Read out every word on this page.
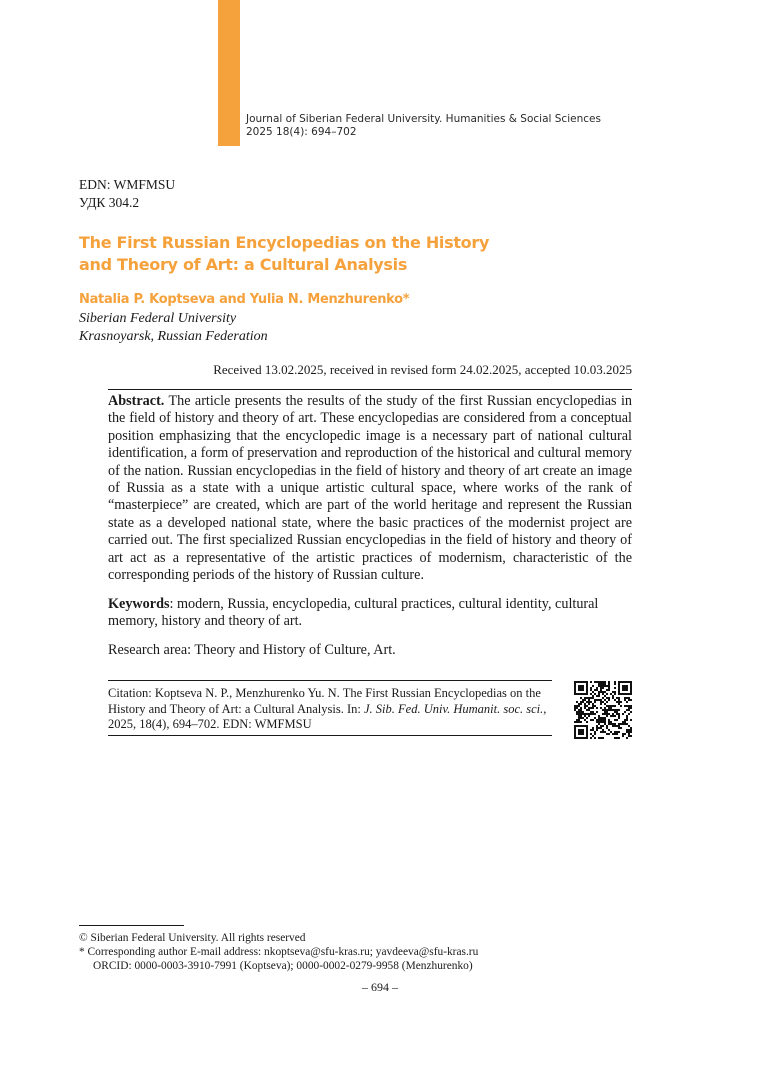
Journal of Siberian Federal University. Humanities & Social Sciences
2025 18(4): 694–702
EDN: WMFMSU
УДК 304.2
The First Russian Encyclopedias on the History
and Theory of Art: a Cultural Analysis
Natalia P. Koptseva and Yulia N. Menzhurenko*
Siberian Federal University
Krasnoyarsk, Russian Federation
Received 13.02.2025, received in revised form 24.02.2025, accepted 10.03.2025

Abstract. The article presents the results of the study of the first Russian encyclopedias in the field of history and theory of art. These encyclopedias are considered from a conceptual position emphasizing that the encyclopedic image is a necessary part of national cultural identification, a form of preservation and reproduction of the historical and cultural memory of the nation. Russian encyclopedias in the field of history and theory of art create an image of Russia as a state with a unique artistic cultural space, where works of the rank of “masterpiece” are created, which are part of the world heritage and represent the Russian state as a developed national state, where the basic practices of the modernist project are carried out. The first specialized Russian encyclopedias in the field of history and theory of art act as a representative of the artistic practices of modernism, characteristic of the corresponding periods of the history of Russian culture.

Keywords: modern, Russia, encyclopedia, cultural practices, cultural identity, cultural memory, history and theory of art.

Research area: Theory and History of Culture, Art.
Citation: Koptseva N. P., Menzhurenko Yu. N. The First Russian Encyclopedias on the History and Theory of Art: a Cultural Analysis. In: J. Sib. Fed. Univ. Humanit. soc. sci., 2025, 18(4), 694–702. EDN: WMFMSU
© Siberian Federal University. All rights reserved
* Corresponding author E-mail address: nkoptseva@sfu-kras.ru; yavdeeva@sfu-kras.ru
ORCID: 0000-0003-3910-7991 (Koptseva); 0000-0002-0279-9958 (Menzhurenko)
– 694 –
